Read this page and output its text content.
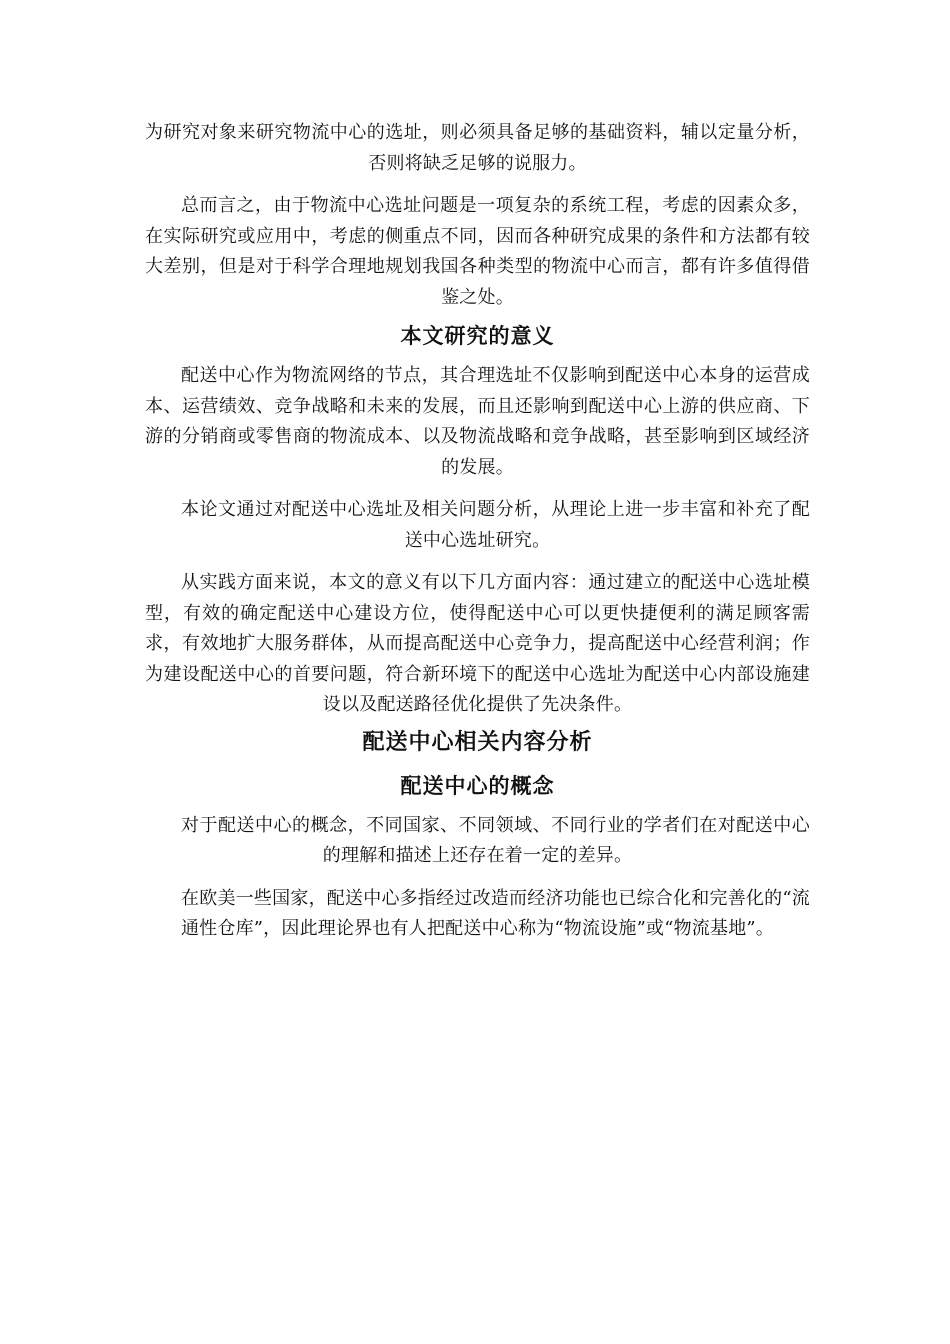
为研究对象来研究物流中心的选址，则必须具备足够的基础资料，辅以定量分析，否则将缺乏足够的说服力。

总而言之，由于物流中心选址问题是一项复杂的系统工程，考虑的因素众多，在实际研究或应用中，考虑的侧重点不同，因而各种研究成果的条件和方法都有较大差别，但是对于科学合理地规划我国各种类型的物流中心而言，都有许多值得借鉴之处。

本文研究的意义

配送中心作为物流网络的节点，其合理选址不仅影响到配送中心本身的运营成本、运营绩效、竞争战略和未来的发展，而且还影响到配送中心上游的供应商、下游的分销商或零售商的物流成本、以及物流战略和竞争战略，甚至影响到区域经济的发展。

本论文通过对配送中心选址及相关问题分析，从理论上进一步丰富和补充了配送中心选址研究。

从实践方面来说，本文的意义有以下几方面内容：通过建立的配送中心选址模型，有效的确定配送中心建设方位，使得配送中心可以更快捷便利的满足顾客需求，有效地扩大服务群体，从而提高配送中心竞争力，提高配送中心经营利润；作为建设配送中心的首要问题，符合新环境下的配送中心选址为配送中心内部设施建设以及配送路径优化提供了先决条件。

配送中心相关内容分析
配送中心的概念

对于配送中心的概念，不同国家、不同领域、不同行业的学者们在对配送中心的理解和描述上还存在着一定的差异。

在欧美一些国家，配送中心多指经过改造而经济功能也已综合化和完善化的“流通性仓库”，因此理论界也有人把配送中心称为“物流设施”或“物流基地”。
